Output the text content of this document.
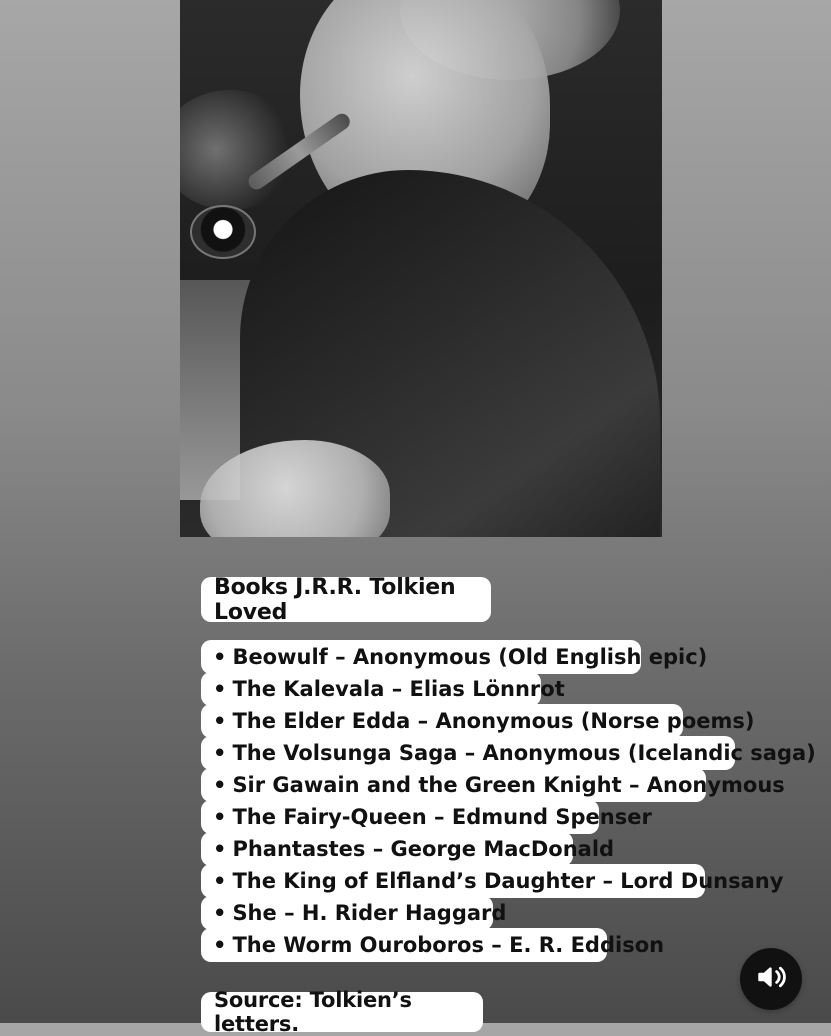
Books J.R.R. Tolkien Loved
• Beowulf – Anonymous (Old English epic)
• The Kalevala – Elias Lönnrot
• The Elder Edda – Anonymous (Norse poems)
• The Volsunga Saga – Anonymous (Icelandic saga)
• Sir Gawain and the Green Knight – Anonymous
• The Fairy-Queen – Edmund Spenser
• Phantastes – George MacDonald
• The King of Elfland’s Daughter – Lord Dunsany
• She – H. Rider Haggard
• The Worm Ouroboros – E. R. Eddison
Source: Tolkien’s letters.
